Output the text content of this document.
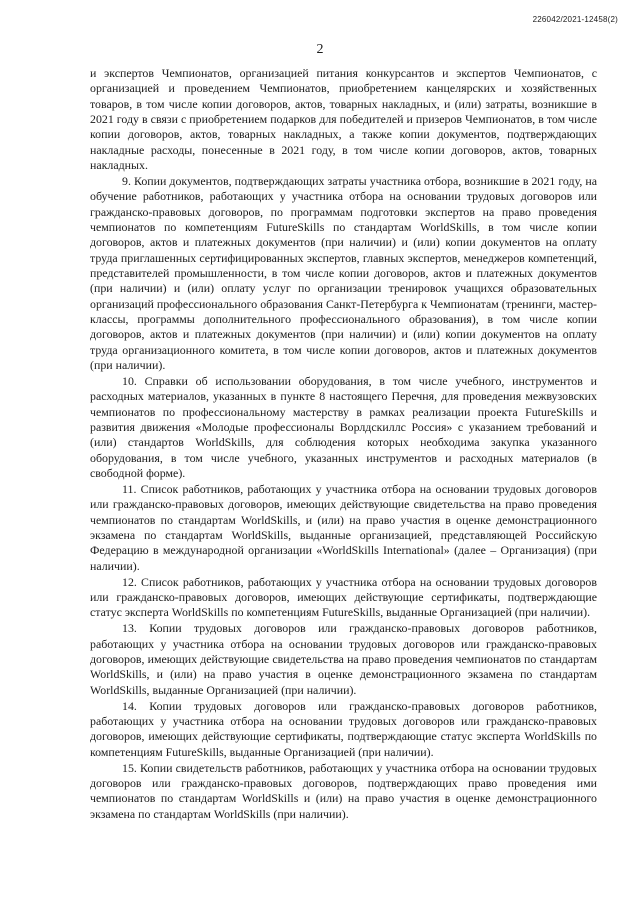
226042/2021-12458(2)
2

и экспертов Чемпионатов, организацией питания конкурсантов и экспертов Чемпионатов, с организацией и проведением Чемпионатов, приобретением канцелярских и хозяйственных товаров, в том числе копии договоров, актов, товарных накладных, и (или) затраты, возникшие в 2021 году в связи с приобретением подарков для победителей и призеров Чемпионатов, в том числе копии договоров, актов, товарных накладных, а также копии документов, подтверждающих накладные расходы, понесенные в 2021 году, в том числе копии договоров, актов, товарных накладных.

9. Копии документов, подтверждающих затраты участника отбора, возникшие в 2021 году, на обучение работников, работающих у участника отбора на основании трудовых договоров или гражданско-правовых договоров, по программам подготовки экспертов на право проведения чемпионатов по компетенциям FutureSkills по стандартам WorldSkills, в том числе копии договоров, актов и платежных документов (при наличии) и (или) копии документов на оплату труда приглашенных сертифицированных экспертов, главных экспертов, менеджеров компетенций, представителей промышленности, в том числе копии договоров, актов и платежных документов (при наличии) и (или) оплату услуг по организации тренировок учащихся образовательных организаций профессионального образования Санкт-Петербурга к Чемпионатам (тренинги, мастер-классы, программы дополнительного профессионального образования), в том числе копии договоров, актов и платежных документов (при наличии) и (или) копии документов на оплату труда организационного комитета, в том числе копии договоров, актов и платежных документов (при наличии).

10. Справки об использовании оборудования, в том числе учебного, инструментов и расходных материалов, указанных в пункте 8 настоящего Перечня, для проведения межвузовских чемпионатов по профессиональному мастерству в рамках реализации проекта FutureSkills и развития движения «Молодые профессионалы Ворлдскиллс Россия» с указанием требований и (или) стандартов WorldSkills, для соблюдения которых необходима закупка указанного оборудования, в том числе учебного, указанных инструментов и расходных материалов (в свободной форме).

11. Список работников, работающих у участника отбора на основании трудовых договоров или гражданско-правовых договоров, имеющих действующие свидетельства на право проведения чемпионатов по стандартам WorldSkills, и (или) на право участия в оценке демонстрационного экзамена по стандартам WorldSkills, выданные организацией, представляющей Российскую Федерацию в международной организации «WorldSkills International» (далее – Организация) (при наличии).

12. Список работников, работающих у участника отбора на основании трудовых договоров или гражданско-правовых договоров, имеющих действующие сертификаты, подтверждающие статус эксперта WorldSkills по компетенциям FutureSkills, выданные Организацией (при наличии).

13. Копии трудовых договоров или гражданско-правовых договоров работников, работающих у участника отбора на основании трудовых договоров или гражданско-правовых договоров, имеющих действующие свидетельства на право проведения чемпионатов по стандартам WorldSkills, и (или) на право участия в оценке демонстрационного экзамена по стандартам WorldSkills, выданные Организацией (при наличии).

14. Копии трудовых договоров или гражданско-правовых договоров работников, работающих у участника отбора на основании трудовых договоров или гражданско-правовых договоров, имеющих действующие сертификаты, подтверждающие статус эксперта WorldSkills по компетенциям FutureSkills, выданные Организацией (при наличии).

15. Копии свидетельств работников, работающих у участника отбора на основании трудовых договоров или гражданско-правовых договоров, подтверждающих право проведения ими чемпионатов по стандартам WorldSkills и (или) на право участия в оценке демонстрационного экзамена по стандартам WorldSkills (при наличии).
